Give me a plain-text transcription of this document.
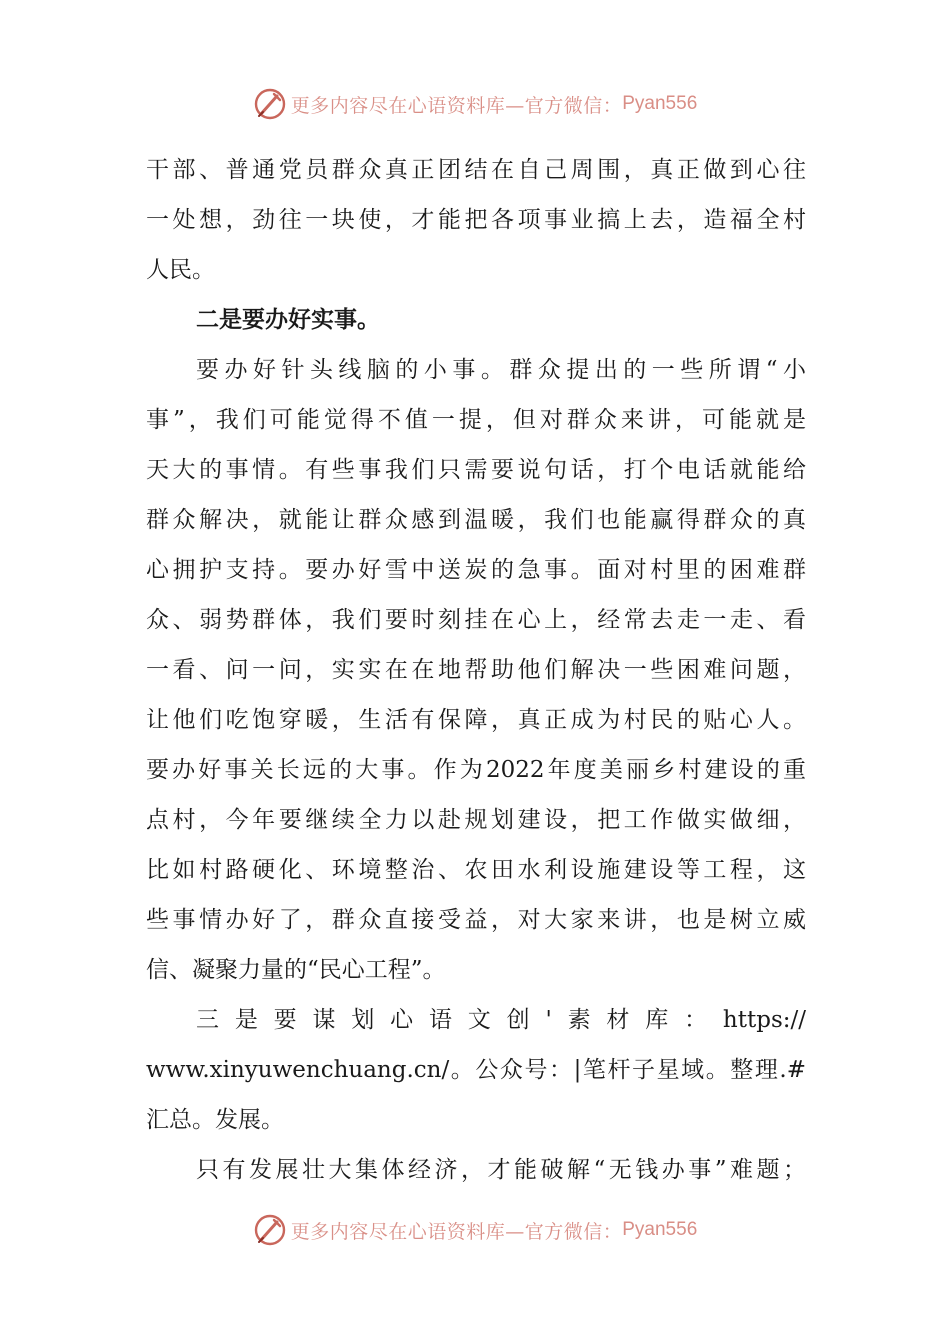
更多内容尽在心语资料库—官方微信： Pyan556
干部、普通党员群众真正团结在自己周围，真正做到心往
一处想，劲往一块使，才能把各项事业搞上去，造福全村
人民。
二是要办好实事。
要办好针头线脑的小事。群众提出的一些所谓“小
事”，我们可能觉得不值一提，但对群众来讲，可能就是
天大的事情。有些事我们只需要说句话，打个电话就能给
群众解决，就能让群众感到温暖，我们也能赢得群众的真
心拥护支持。要办好雪中送炭的急事。面对村里的困难群
众、弱势群体，我们要时刻挂在心上，经常去走一走、看
一看、问一问，实实在在地帮助他们解决一些困难问题，
让他们吃饱穿暖，生活有保障，真正成为村民的贴心人。
要办好事关长远的大事。作为2022年度美丽乡村建设的重
点村，今年要继续全力以赴规划建设，把工作做实做细，
比如村路硬化、环境整治、农田水利设施建设等工程，这
些事情办好了，群众直接受益，对大家来讲，也是树立威
信、凝聚力量的“民心工程”。
三是要谋划心语文创'素材库：https://
www.xinyuwenchuang.cn/。公众号：|笔杆子星域。整理.#
汇总。发展。
只有发展壮大集体经济，才能破解“无钱办事”难题；
更多内容尽在心语资料库—官方微信： Pyan556
